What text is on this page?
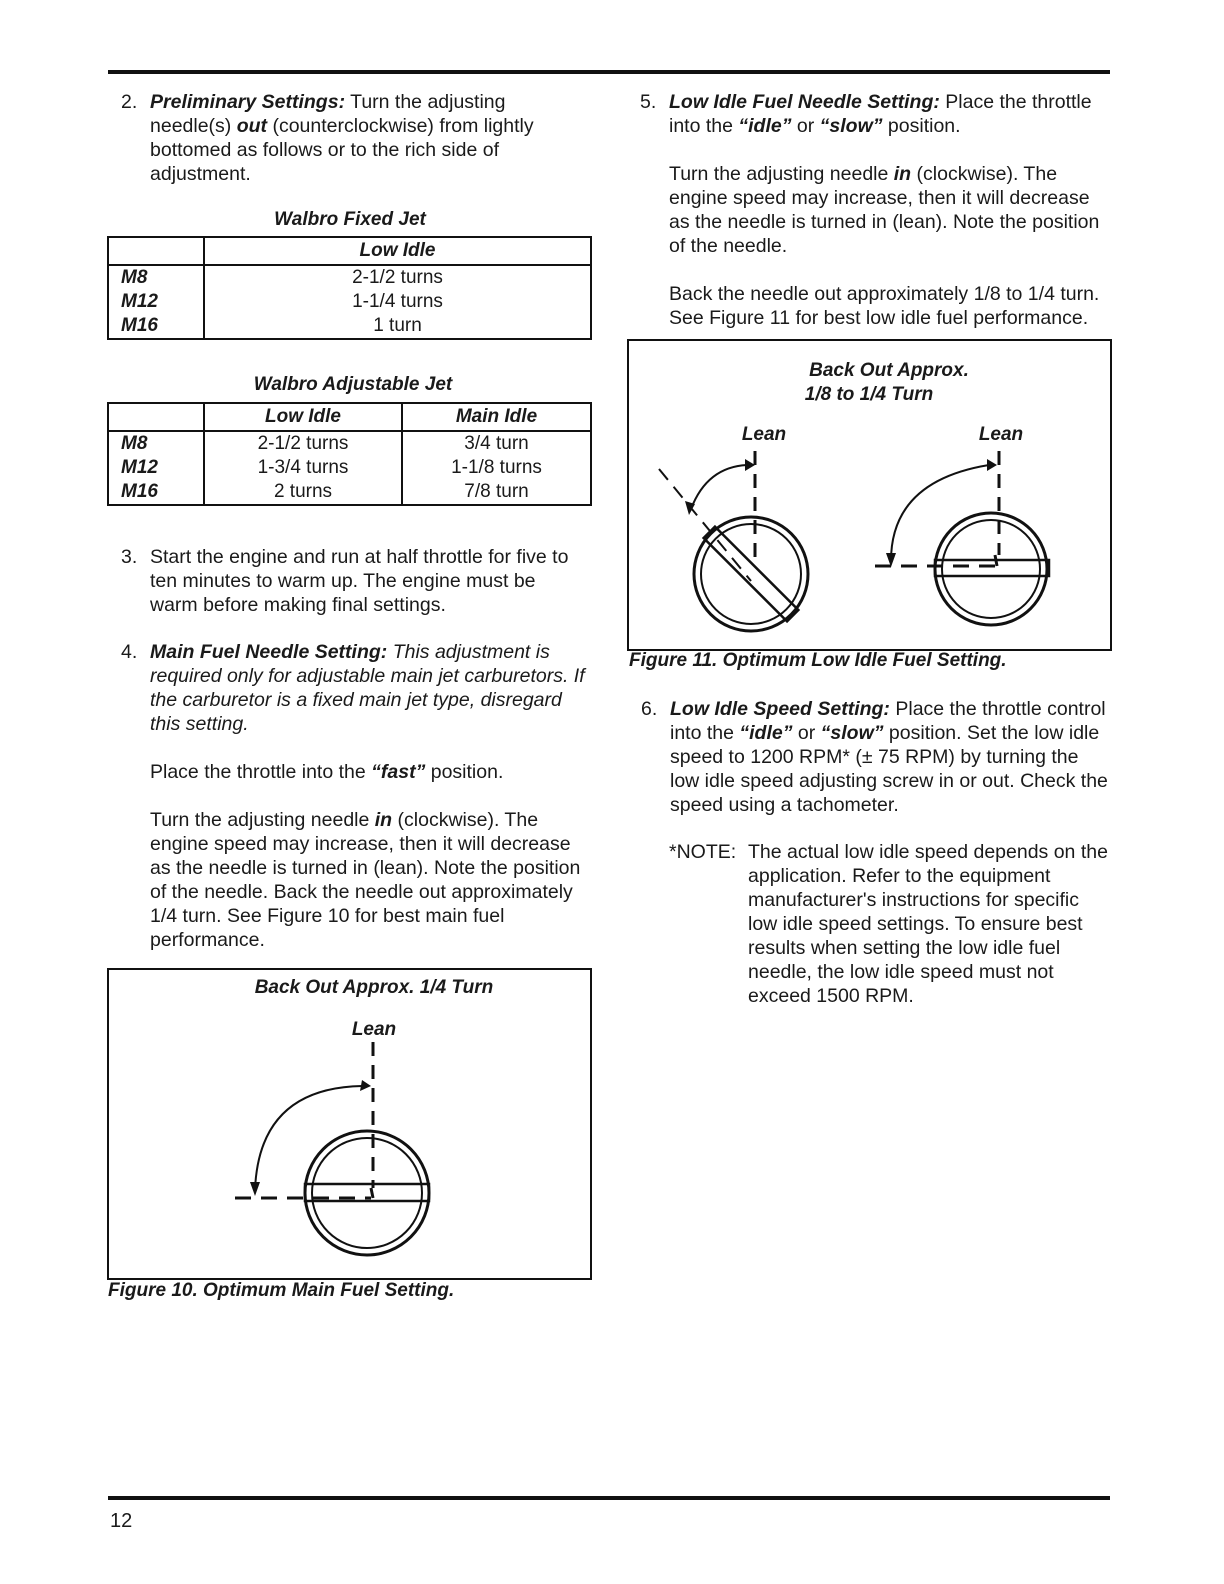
2. Preliminary Settings: Turn the adjusting needle(s) out (counterclockwise) from lightly bottomed as follows or to the rich side of adjustment.

Walbro Fixed Jet
	Low Idle
M8	2-1/2 turns
M12	1-1/4 turns
M16	1 turn
Walbro Adjustable Jet
	Low Idle	Main Idle
M8	2-1/2 turns	3/4 turn
M12	1-3/4 turns	1-1/8 turns
M16	2 turns	7/8 turn
3. Start the engine and run at half throttle for five to ten minutes to warm up. The engine must be warm before making final settings.

4. Main Fuel Needle Setting: This adjustment is required only for adjustable main jet carburetors. If the carburetor is a fixed main jet type, disregard this setting.

Place the throttle into the “fast” position.

Turn the adjusting needle in (clockwise). The engine speed may increase, then it will decrease as the needle is turned in (lean). Note the position of the needle. Back the needle out approximately 1/4 turn. See Figure 10 for best main fuel performance.

Back Out Approx. 1/4 Turn
Lean
Figure 10. Optimum Main Fuel Setting.
5. Low Idle Fuel Needle Setting: Place the throttle into the “idle” or “slow” position.

Turn the adjusting needle in (clockwise). The engine speed may increase, then it will decrease as the needle is turned in (lean). Note the position of the needle.

Back the needle out approximately 1/8 to 1/4 turn. See Figure 11 for best low idle fuel performance.

Back Out Approx.
1/8 to 1/4 Turn
Lean	Lean
Figure 11. Optimum Low Idle Fuel Setting.
6. Low Idle Speed Setting: Place the throttle control into the “idle” or “slow” position. Set the low idle speed to 1200 RPM* (± 75 RPM) by turning the low idle speed adjusting screw in or out. Check the speed using a tachometer.

*NOTE: The actual low idle speed depends on the application. Refer to the equipment manufacturer's instructions for specific low idle speed settings. To ensure best results when setting the low idle fuel needle, the low idle speed must not exceed 1500 RPM.

12
